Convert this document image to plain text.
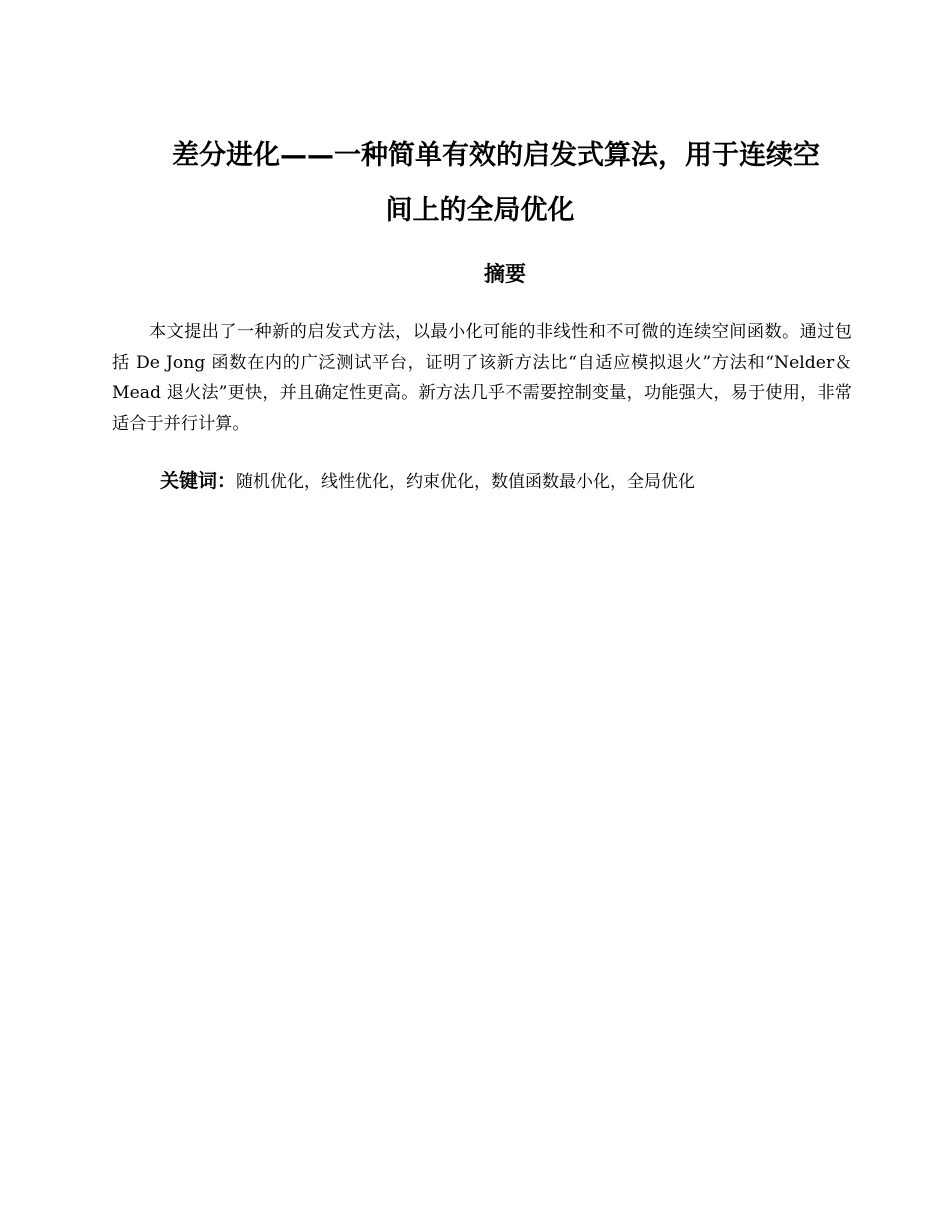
差分进化——一种简单有效的启发式算法，用于连续空
间上的全局优化
摘要

本文提出了一种新的启发式方法，以最小化可能的非线性和不可微的连续空间函数。通过包括 De Jong 函数在内的广泛测试平台，证明了该新方法比“自适应模拟退火”方法和“Nelder＆Mead 退火法”更快，并且确定性更高。新方法几乎不需要控制变量，功能强大，易于使用，非常适合于并行计算。

关键词：随机优化，线性优化，约束优化，数值函数最小化，全局优化
